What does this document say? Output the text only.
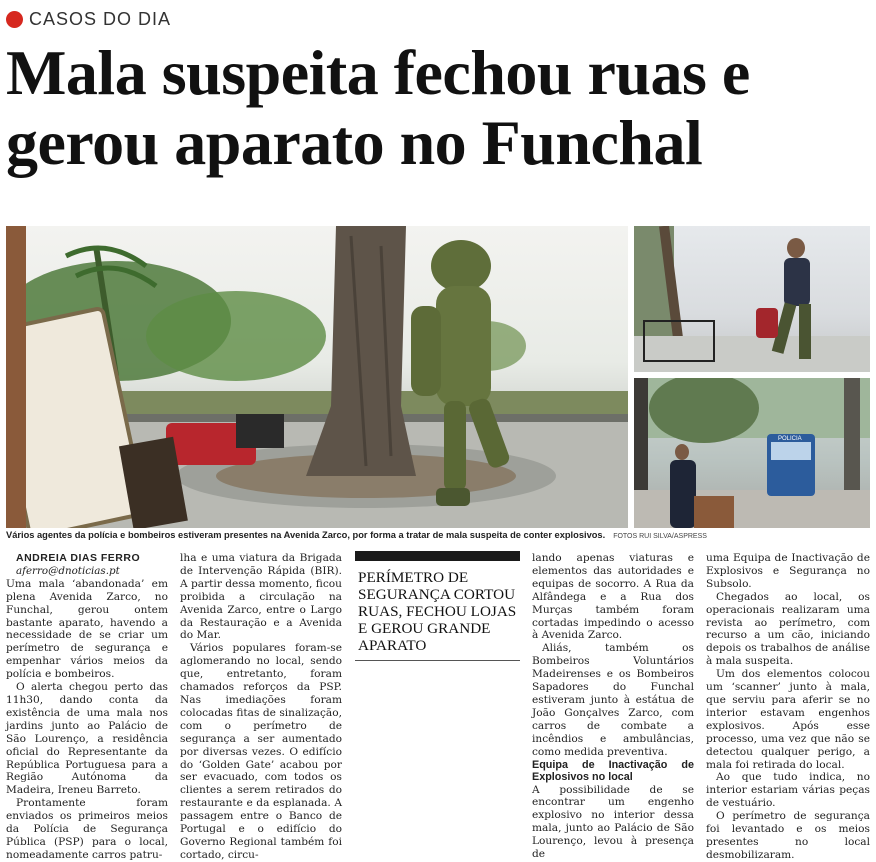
CASOS DO DIA
Mala suspeita fechou ruas e gerou aparato no Funchal
POLICIA
Vários agentes da polícia e bombeiros estiveram presentes na Avenida Zarco, por forma a tratar de mala suspeita de conter explosivos. FOTOS RUI SILVA/ASPRESS

ANDREIA DIAS FERRO

aferro@dnoticias.pt

Uma mala ‘abandonada’ em plena Avenida Zarco, no Funchal, gerou ontem bastante aparato, havendo a necessidade de se criar um perímetro de segurança e empenhar vários meios da polícia e bombeiros.

O alerta chegou perto das 11h30, dando conta da existência de uma mala nos jardins junto ao Palácio de São Lourenço, a residência oficial do Representante da República Portuguesa para a Região Autónoma da Madeira, Ireneu Barreto.

Prontamente foram enviados os primeiros meios da Polícia de Segurança Pública (PSP) para o local, nomeadamente carros patru-

lha e uma viatura da Brigada de Intervenção Rápida (BIR). A partir dessa momento, ficou proibida a circulação na Avenida Zarco, entre o Largo da Restauração e a Avenida do Mar.

Vários populares foram-se aglomerando no local, sendo que, entretanto, foram chamados reforços da PSP. Nas imediações foram colocadas fitas de sinalização, com o perímetro de segurança a ser aumentado por diversas vezes. O edifício do ‘Golden Gate’ acabou por ser evacuado, com todos os clientes a serem retirados do restaurante e da esplanada. A passagem entre o Banco de Portugal e o edifício do Governo Regional também foi cortado, circu-

PERÍMETRO DE SEGURANÇA CORTOU RUAS, FECHOU LOJAS E GEROU GRANDE APARATO

lando apenas viaturas e elementos das autoridades e equipas de socorro. A Rua da Alfândega e a Rua dos Murças também foram cortadas impedindo o acesso à Avenida Zarco.

Aliás, também os Bombeiros Voluntários Madeirenses e os Bombeiros Sapadores do Funchal estiveram junto à estátua de João Gonçalves Zarco, com carros de combate a incêndios e ambulâncias, como medida preventiva.

Equipa de Inactivação de Explosivos no local

A possibilidade de se encontrar um engenho explosivo no interior dessa mala, junto ao Palácio de São Lourenço, levou à presença de

uma Equipa de Inactivação de Explosivos e Segurança no Subsolo.

Chegados ao local, os operacionais realizaram uma revista ao perímetro, com recurso a um cão, iniciando depois os trabalhos de análise à mala suspeita.

Um dos elementos colocou um ‘scanner’ junto à mala, que serviu para aferir se no interior estavam engenhos explosivos. Após esse processo, uma vez que não se detectou qualquer perigo, a mala foi retirada do local.

Ao que tudo indica, no interior estariam várias peças de vestuário.

O perímetro de segurança foi levantado e os meios presentes no local desmobilizaram.
